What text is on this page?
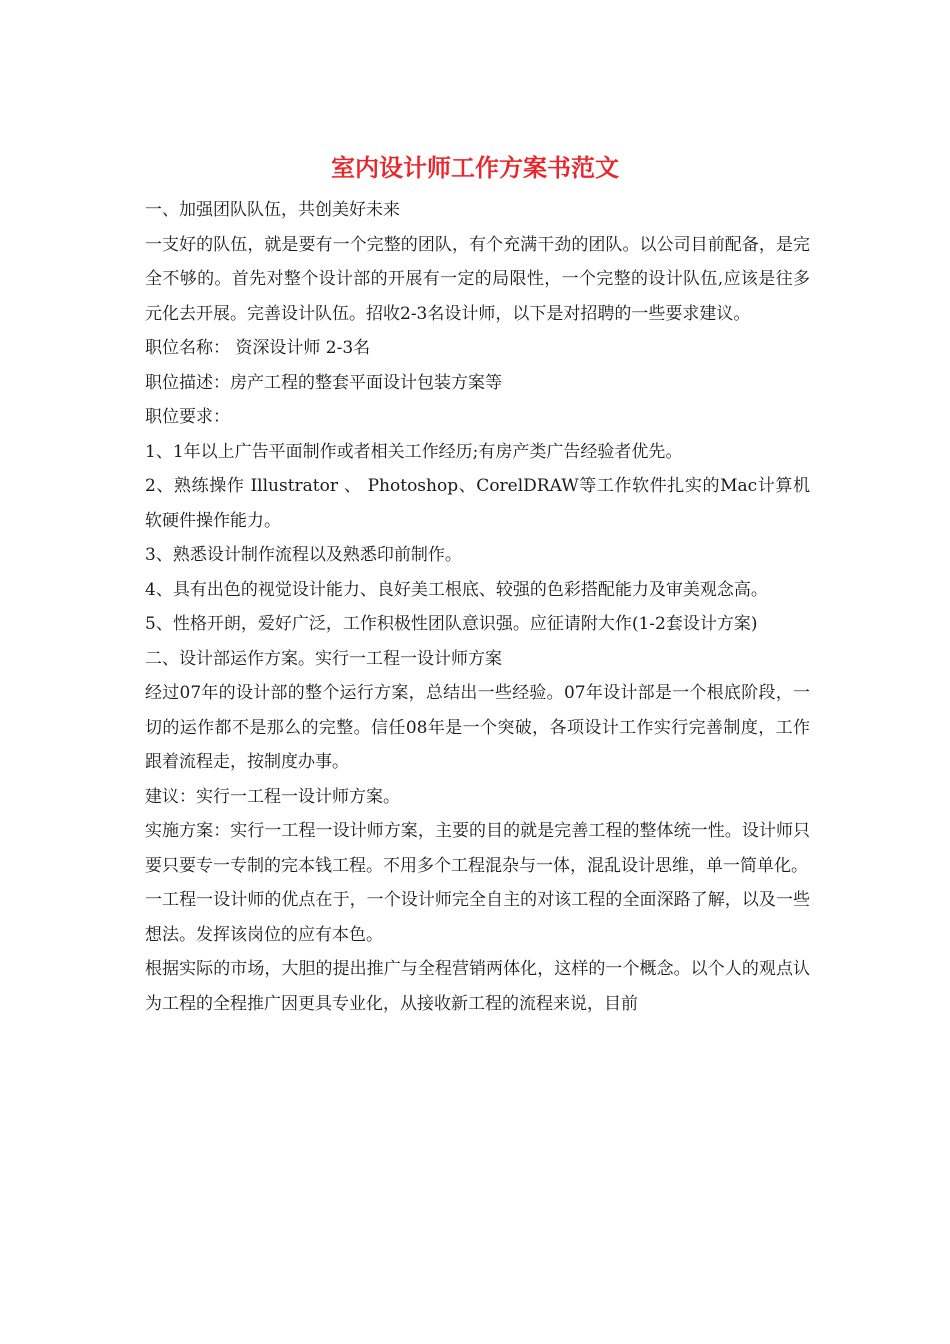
室内设计师工作方案书范文

一、加强团队队伍，共创美好未来

一支好的队伍，就是要有一个完整的团队，有个充满干劲的团队。以公司目前配备，是完全不够的。首先对整个设计部的开展有一定的局限性，一个完整的设计队伍,应该是往多元化去开展。完善设计队伍。招收2-3名设计师，以下是对招聘的一些要求建议。

职位名称： 资深设计师 2-3名

职位描述：房产工程的整套平面设计包装方案等

职位要求：

1、1年以上广告平面制作或者相关工作经历;有房产类广告经验者优先。

2、熟练操作 Illustrator 、 Photoshop、CorelDRAW等工作软件扎实的Mac计算机软硬件操作能力。

3、熟悉设计制作流程以及熟悉印前制作。

4、具有出色的视觉设计能力、良好美工根底、较强的色彩搭配能力及审美观念高。

5、性格开朗，爱好广泛，工作积极性团队意识强。应征请附大作(1-2套设计方案)

二、设计部运作方案。实行一工程一设计师方案

经过07年的设计部的整个运行方案，总结出一些经验。07年设计部是一个根底阶段，一切的运作都不是那么的完整。信任08年是一个突破，各项设计工作实行完善制度，工作跟着流程走，按制度办事。

建议：实行一工程一设计师方案。

实施方案：实行一工程一设计师方案，主要的目的就是完善工程的整体统一性。设计师只要只要专一专制的完本钱工程。不用多个工程混杂与一体，混乱设计思维，单一简单化。

一工程一设计师的优点在于，一个设计师完全自主的对该工程的全面深路了解，以及一些想法。发挥该岗位的应有本色。

根据实际的市场，大胆的提出推广与全程营销两体化，这样的一个概念。以个人的观点认为工程的全程推广因更具专业化，从接收新工程的流程来说，目前
